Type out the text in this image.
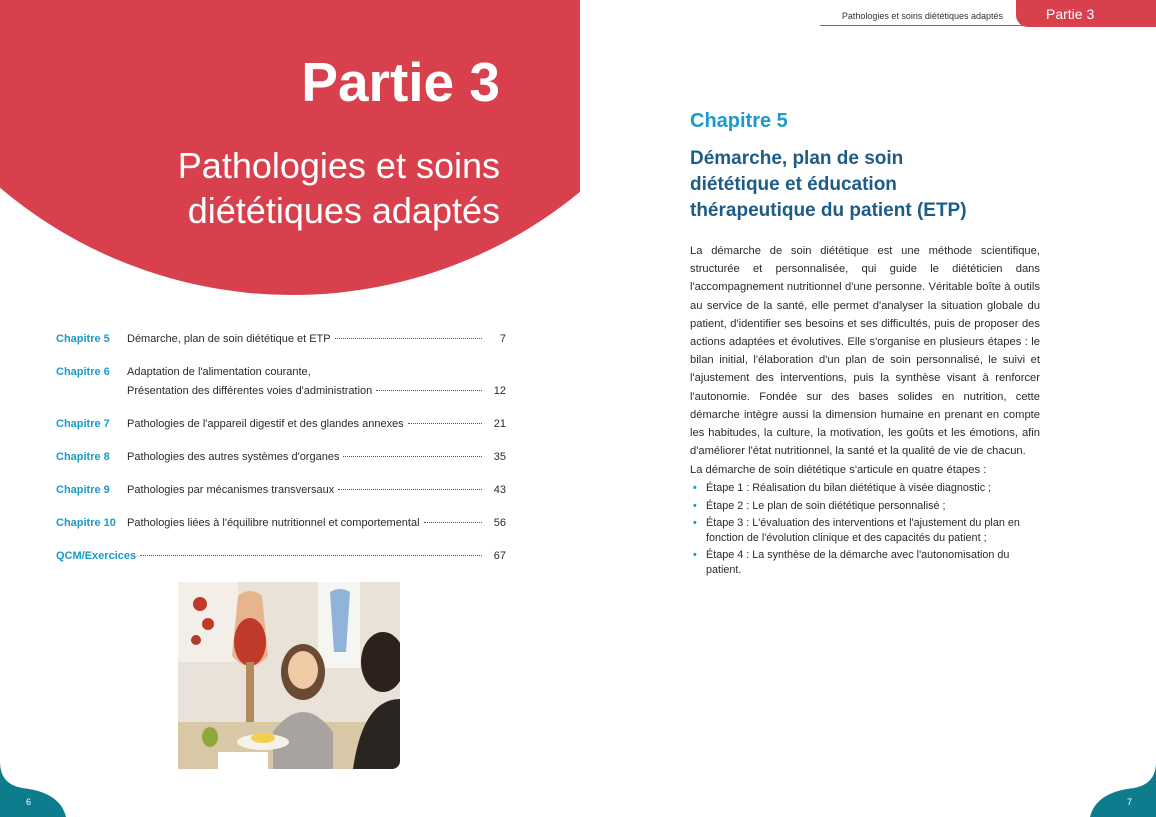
Partie 3
Pathologies et soins diététiques adaptés
Chapitre 5	Démarche, plan de soin diététique et ETP	7
Chapitre 6	Adaptation de l'alimentation courante,
Présentation des différentes voies d'administration	12
Chapitre 7	Pathologies de l'appareil digestif et des glandes annexes	21
Chapitre 8	Pathologies des autres systèmes d'organes	35
Chapitre 9	Pathologies par mécanismes transversaux	43
Chapitre 10	Pathologies liées à l'équilibre nutritionnel et comportemental	56
QCM/Exercices	67
6
Pathologies et soins diététiques adaptés	Partie 3
Chapitre 5
Démarche, plan de soin
diététique et éducation
thérapeutique du patient (ETP)

La démarche de soin diététique est une méthode scientifique, structurée et personnalisée, qui guide le diététicien dans l'accompagnement nutritionnel d'une personne. Véritable boîte à outils au service de la santé, elle permet d'analyser la situation globale du patient, d'identifier ses besoins et ses difficultés, puis de proposer des actions adaptées et évolutives. Elle s'organise en plusieurs étapes : le bilan initial, l'élaboration d'un plan de soin personnalisé, le suivi et l'ajustement des interventions, puis la synthèse visant à renforcer l'autonomie. Fondée sur des bases solides en nutrition, cette démarche intègre aussi la dimension humaine en prenant en compte les habitudes, la culture, la motivation, les goûts et les émotions, afin d'améliorer l'état nutritionnel, la santé et la qualité de vie de chacun.

La démarche de soin diététique s'articule en quatre étapes :

• Étape 1 : Réalisation du bilan diététique à visée diagnostic ;
• Étape 2 : Le plan de soin diététique personnalisé ;
• Étape 3 : L'évaluation des interventions et l'ajustement du plan en fonction de l'évolution clinique et des capacités du patient ;
• Étape 4 : La synthèse de la démarche avec l'autonomisation du patient.
7
